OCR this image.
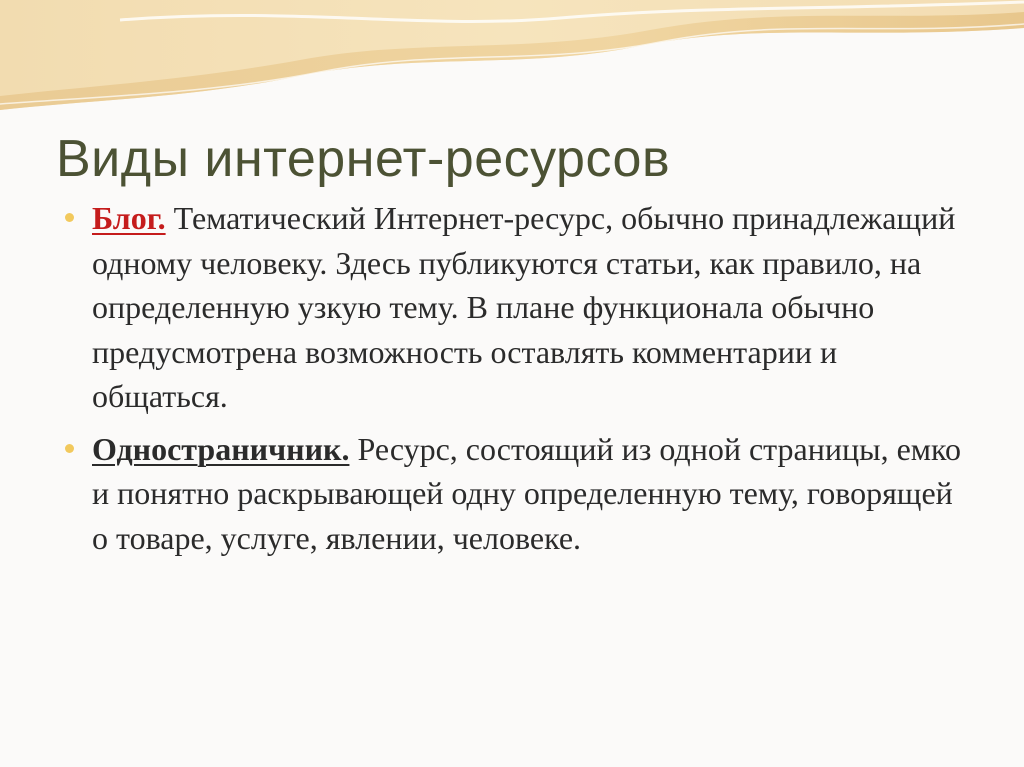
Виды интернет-ресурсов
Блог. Тематический Интернет-ресурс, обычно принадлежащий одному человеку. Здесь публикуются статьи, как правило, на определенную узкую тему. В плане функционала обычно предусмотрена возможность оставлять комментарии и общаться.
Одностраничник. Ресурс, состоящий из одной страницы, емко и понятно раскрывающей одну определенную тему, говорящей о товаре, услуге, явлении, человеке.
